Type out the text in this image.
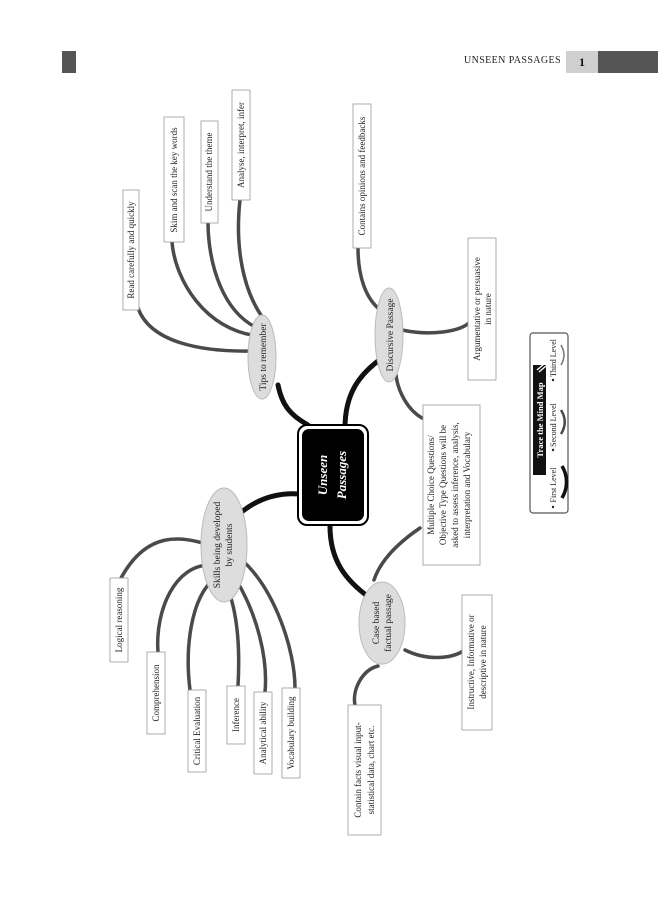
UNSEEN PASSAGES	1
Unseen Passages
Tips to remember	Discursive Passage
Skills being developed by students
Case based factual passage
Read carefully and quickly
Skim and scan the key words	Understand the theme Analyse, interpret, infer	Contains opinions and feedbacks
Argumentative or persuasive in nature
Multiple Choice Questions/ Objective Type Questions will be asked to assess inference, analysis, interpretation and Vocabulary
Logical reasoning
Comprehension
Critical Evaluation	Inference Analytical ability Vocabulary building
Instructive, Informative or descriptive in nature
Contain facts visual input- statistical data, chart etc.
Trace the Mind Map
First Level
Second Level
Third Level
